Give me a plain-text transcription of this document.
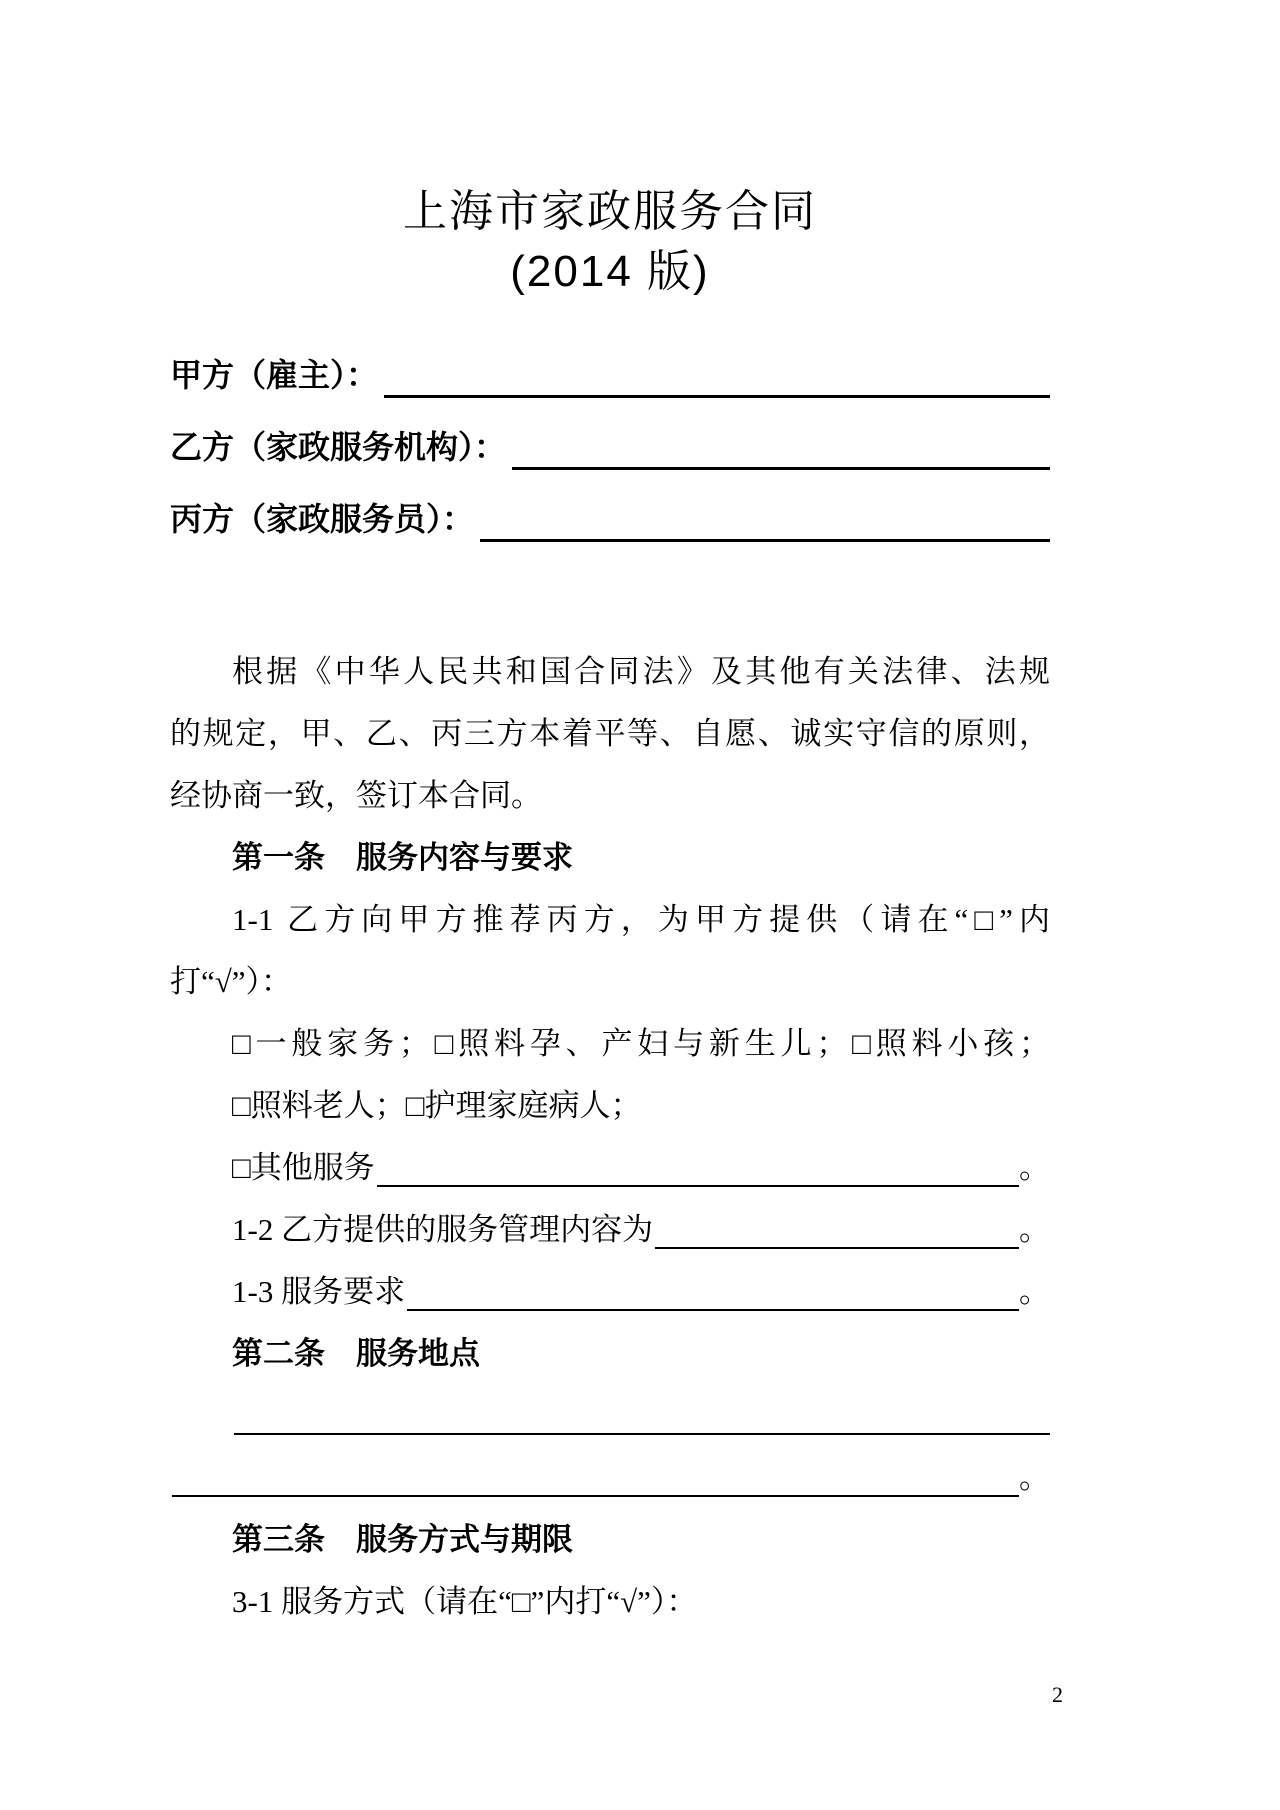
上海市家政服务合同
(2014 版)
甲方（雇主）：
乙方（家政服务机构）：
丙方（家政服务员）：
根据《中华人民共和国合同法》及其他有关法律、法规
的规定，甲、乙、丙三方本着平等、自愿、诚实守信的原则，
经协商一致，签订本合同。
第一条　服务内容与要求
1-1 乙方向甲方推荐丙方，为甲方提供（请在“□”内
打“√”）：
□一般家务；□照料孕、产妇与新生儿；□照料小孩；
□照料老人；□护理家庭病人；
□ 其他服务	。
1-2 乙方提供的服务管理内容为	。
1-3 服务要求	。
第二条　服务地点
。
第三条　服务方式与期限
3-1 服务方式（请在“□”内打“√”）：
2
